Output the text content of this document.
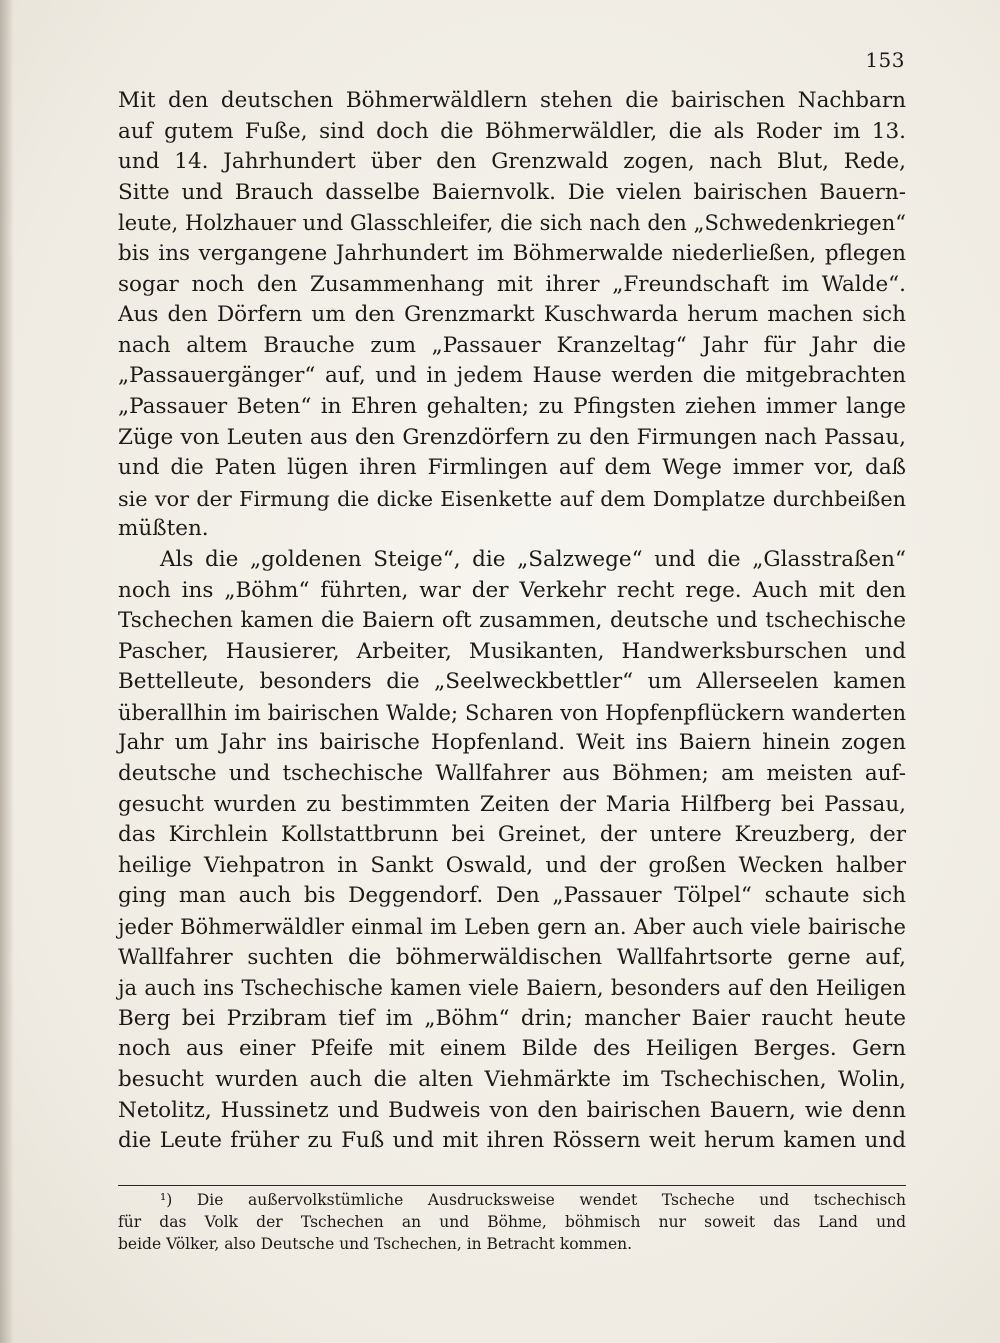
153
Mit den deutschen Böhmerwäldlern stehen die bairischen Nachbarn
auf gutem Fuße, sind doch die Böhmerwäldler, die als Roder im 13.
und 14. Jahrhundert über den Grenzwald zogen, nach Blut, Rede,
Sitte und Brauch dasselbe Baiernvolk. Die vielen bairischen Bauern-
leute, Holzhauer und Glasschleifer, die sich nach den „Schwedenkriegen“
bis ins vergangene Jahrhundert im Böhmerwalde niederließen, pflegen
sogar noch den Zusammenhang mit ihrer „Freundschaft im Walde“.
Aus den Dörfern um den Grenzmarkt Kuschwarda herum machen sich
nach altem Brauche zum „Passauer Kranzeltag“ Jahr für Jahr die
„Passauergänger“ auf, und in jedem Hause werden die mitgebrachten
„Passauer Beten“ in Ehren gehalten; zu Pfingsten ziehen immer lange
Züge von Leuten aus den Grenzdörfern zu den Firmungen nach Passau,
und die Paten lügen ihren Firmlingen auf dem Wege immer vor, daß
sie vor der Firmung die dicke Eisenkette auf dem Domplatze durchbeißen
müßten.
Als die „goldenen Steige“, die „Salzwege“ und die „Glasstraßen“
noch ins „Böhm“ führten, war der Verkehr recht rege. Auch mit den
Tschechen kamen die Baiern oft zusammen, deutsche und tschechische
Pascher, Hausierer, Arbeiter, Musikanten, Handwerksburschen und
Bettelleute, besonders die „Seelweckbettler“ um Allerseelen kamen
überallhin im bairischen Walde; Scharen von Hopfenpflückern wanderten
Jahr um Jahr ins bairische Hopfenland. Weit ins Baiern hinein zogen
deutsche und tschechische Wallfahrer aus Böhmen; am meisten auf-
gesucht wurden zu bestimmten Zeiten der Maria Hilfberg bei Passau,
das Kirchlein Kollstattbrunn bei Greinet, der untere Kreuzberg, der
heilige Viehpatron in Sankt Oswald, und der großen Wecken halber
ging man auch bis Deggendorf. Den „Passauer Tölpel“ schaute sich
jeder Böhmerwäldler einmal im Leben gern an. Aber auch viele bairische
Wallfahrer suchten die böhmerwäldischen Wallfahrtsorte gerne auf,
ja auch ins Tschechische kamen viele Baiern, besonders auf den Heiligen
Berg bei Przibram tief im „Böhm“ drin; mancher Baier raucht heute
noch aus einer Pfeife mit einem Bilde des Heiligen Berges. Gern
besucht wurden auch die alten Viehmärkte im Tschechischen, Wolin,
Netolitz, Hussinetz und Budweis von den bairischen Bauern, wie denn
die Leute früher zu Fuß und mit ihren Rössern weit herum kamen und
¹) Die außervolkstümliche Ausdrucksweise wendet Tscheche und tschechisch
für das Volk der Tschechen an und Böhme, böhmisch nur soweit das Land und
beide Völker, also Deutsche und Tschechen, in Betracht kommen.
